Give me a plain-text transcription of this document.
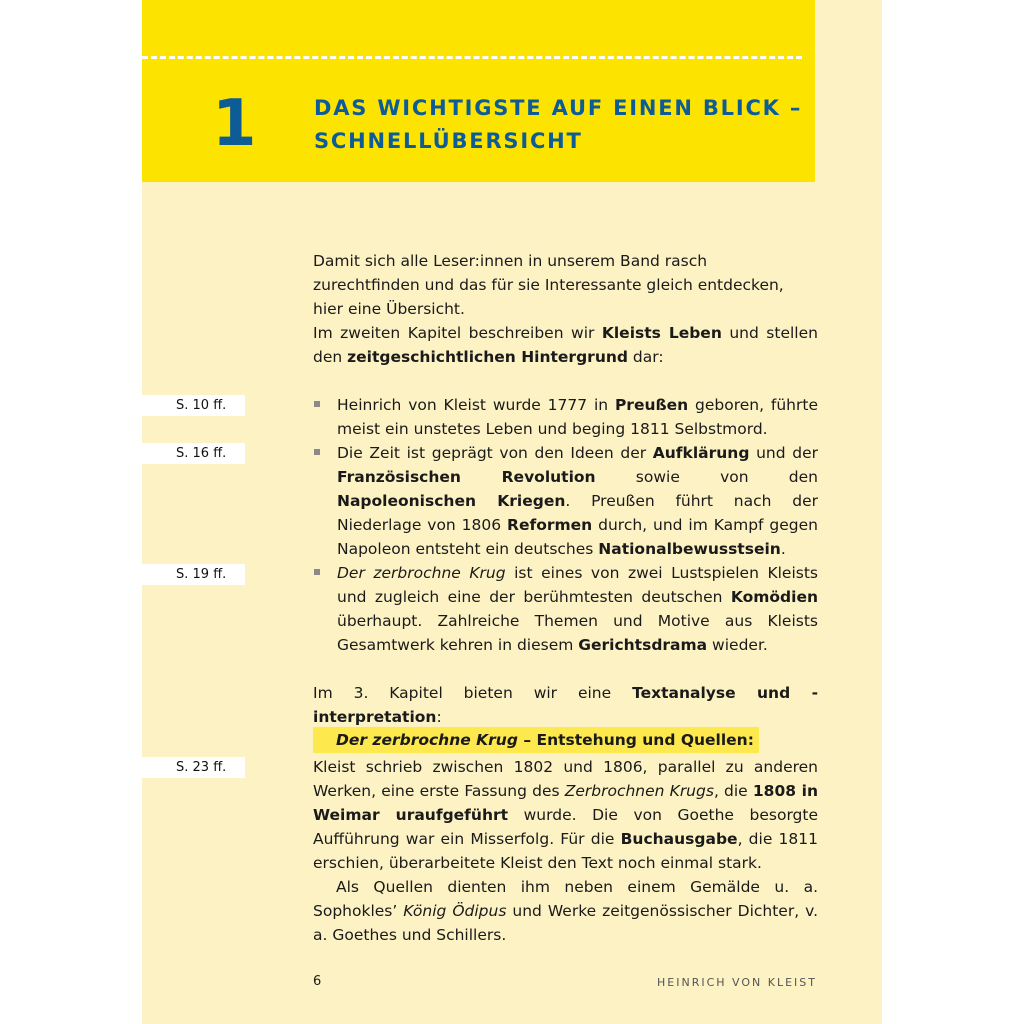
1	DAS WICHTIGSTE AUF EINEN BLICK –
SCHNELLÜBERSICHT
S. 10 ff.
S. 16 ff.
S. 19 ff.
S. 23 ff.
Damit sich alle Leser:innen in unserem Band rasch zurechtfinden und das für sie Interessante gleich entdecken, hier eine Übersicht.
Im zweiten Kapitel beschreiben wir Kleists Leben und stellen den zeitgeschichtlichen Hintergrund dar:
Heinrich von Kleist wurde 1777 in Preußen geboren, führte meist ein unstetes Leben und beging 1811 Selbstmord.
Die Zeit ist geprägt von den Ideen der Aufklärung und der Französischen Revolution sowie von den Napoleonischen Kriegen. Preußen führt nach der Niederlage von 1806 Reformen durch, und im Kampf gegen Napoleon entsteht ein deutsches Nationalbewusstsein.
Der zerbrochne Krug ist eines von zwei Lustspielen Kleists und zugleich eine der berühmtesten deutschen Komödien überhaupt. Zahlreiche Themen und Motive aus Kleists Gesamtwerk kehren in diesem Gerichtsdrama wieder.
Im 3. Kapitel bieten wir eine Textanalyse und -interpretation:
Der zerbrochne Krug – Entstehung und Quellen:
Kleist schrieb zwischen 1802 und 1806, parallel zu anderen Werken, eine erste Fassung des Zerbrochnen Krugs, die 1808 in Weimar uraufgeführt wurde. Die von Goethe besorgte Aufführung war ein Misserfolg. Für die Buchausgabe, die 1811 erschien, überarbeitete Kleist den Text noch einmal stark.
Als Quellen dienten ihm neben einem Gemälde u. a. Sophokles’ König Ödipus und Werke zeitgenössischer Dichter, v. a. Goethes und Schillers.
6	HEINRICH VON KLEIST
